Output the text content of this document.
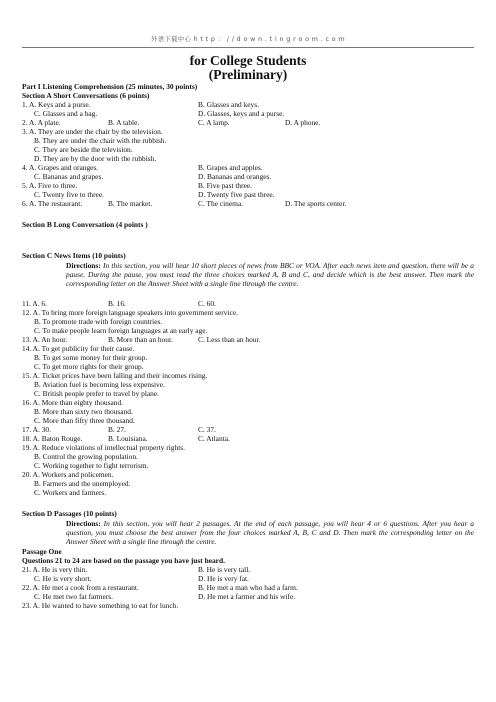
外语下载中心 h t t p ： / / d o w n . t i n g r o o m . c o m
for College Students
(Preliminary)
Part I Listening Comprehension (25 minutes, 30 points)
Section A Short Conversations (6 points)
1. A. Keys and a purse.	B. Glasses and keys.
C. Glasses and a bag.	D. Glasses, keys and a purse.
2. A. A plate.	B. A table.	C. A lamp.	D. A phone.
3. A. They are under the chair by the television.
B. They are under the chair with the rubbish.
C. They are beside the television.
D. They are by the door with the rubbish.
4. A. Grapes and oranges.	B. Grapes and apples.
C. Bananas and grapes.	D. Bananas and oranges.
5. A. Five to three.	B. Five past three.
C. Twenty five to three.	D. Twenty five past three.
6. A. The restaurant.	B. The market.	C. The cinema.	D. The sports center.
Section B Long Conversation (4 points )
Section C News Items (10 points)
Directions: In this section, you will hear 10 short pieces of news from BBC or VOA. After each news item and question, there will be a pause. During the pause, you must read the three choices marked A, B and C, and decide which is the best answer. Then mark the corresponding letter on the Answer Sheet with a single line through the centre.
11. A. 6.	B. 16.	C. 60.
12. A. To bring more foreign language speakers into government service.
B. To promote trade with foreign countries.
C. To make people learn foreign languages at an early age.
13. A. An hour.	B. More than an hour.	C. Less than an hour.
14. A. To get publicity for their cause.
B. To get some money for their group.
C. To get more rights for their group.
15. A. Ticket prices have been falling and their incomes rising.
B. Aviation fuel is becoming less expensive.
C. British people prefer to travel by plane.
16. A. More than eighty thousand.
B. More than sixty two thousand.
C. More than fifty three thousand.
17. A. 30.	B. 27.	C. 37.
18. A. Baton Rouge.	B. Louisiana.	C. Atlanta.
19. A. Reduce violations of intellectual property rights.
B. Control the growing population.
C. Working together to fight terrorism.
20. A. Workers and policemen.
B. Farmers and the unemployed.
C. Workers and farmers.
Section D Passages (10 points)
Directions: In this section, you will hear 2 passages. At the end of each passage, you will hear 4 or 6 questions. After you hear a question, you must choose the best answer from the four choices marked A, B, C and D. Then mark the corresponding letter on the Answer Sheet with a single line through the centre.
Passage One
Questions 21 to 24 are based on the passage you have just heard.
21. A. He is very thin.	B. He is very tall.
C. He is very short.	D. He is very fat.
22. A. He met a cook from a restaurant.	B. He met a man who had a farm.
C. He met two fat farmers.	D. He met a farmer and his wife.
23. A. He wanted to have something to eat for lunch.
